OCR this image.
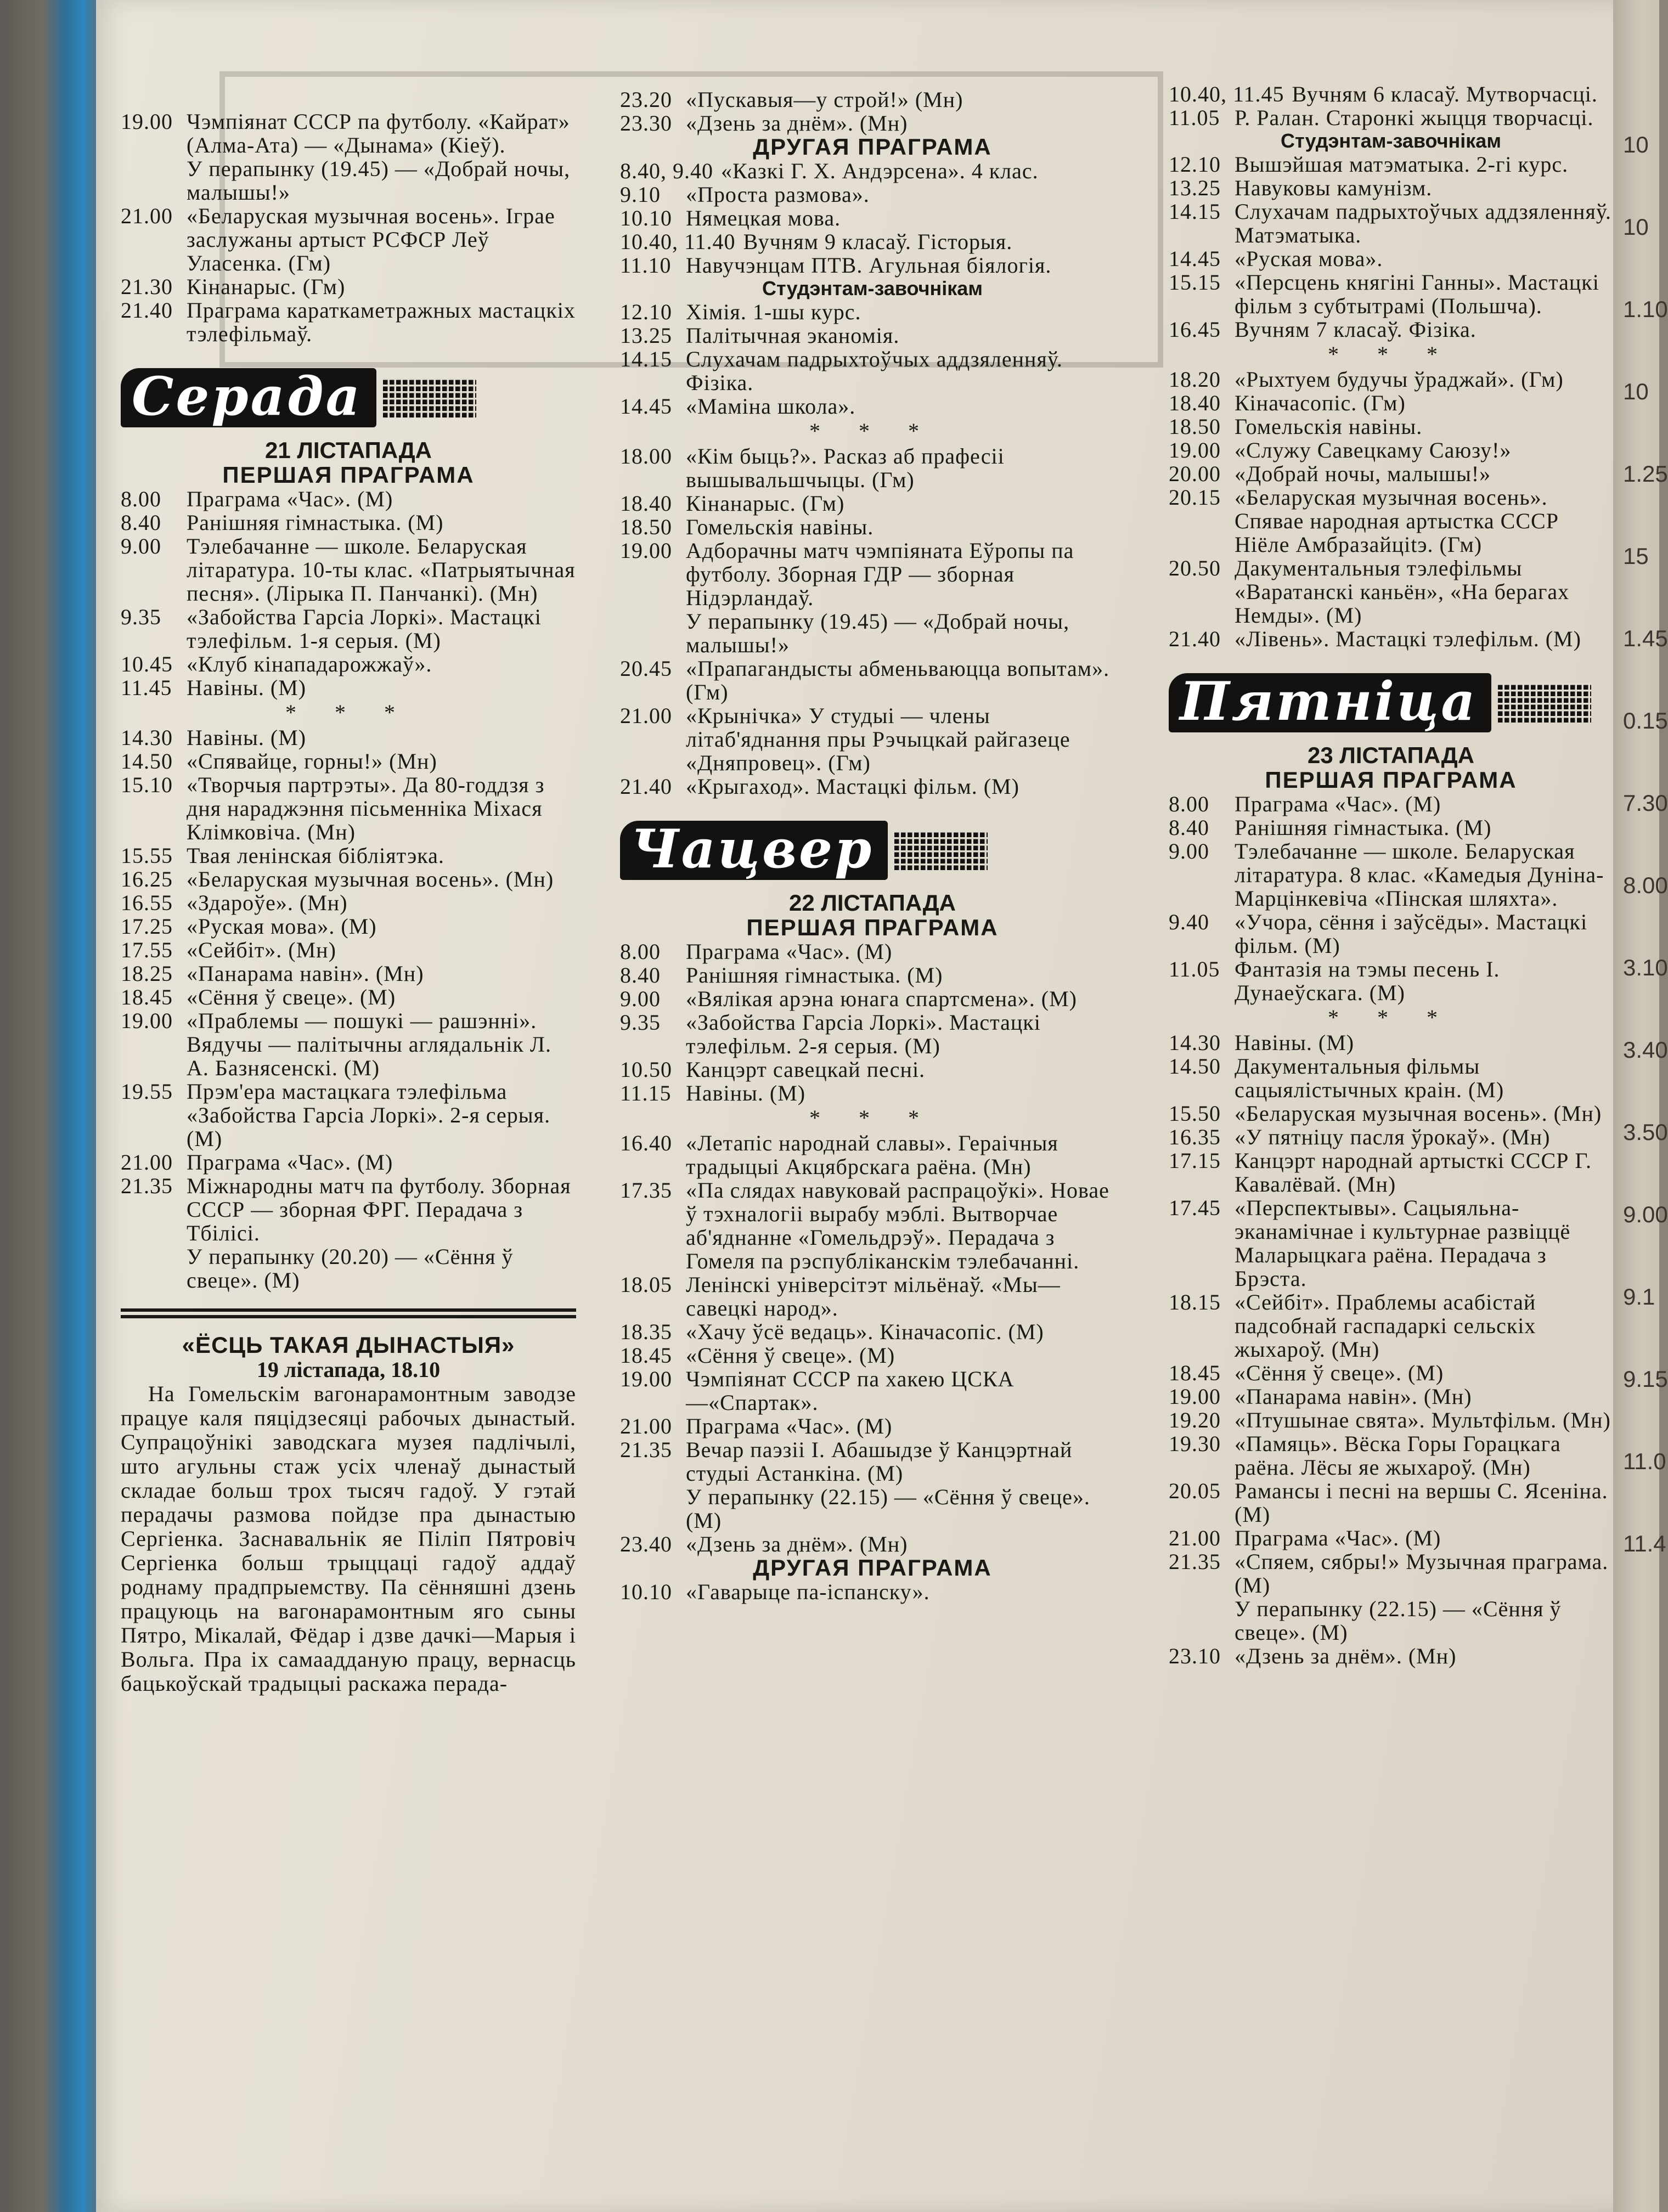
10
10
1.10
10
1.25
15
1.45
0.15
7.30
8.00
3.10
3.40
3.50
9.00
9.1
9.15
11.0
11.4
19.00 Чэмпіянат СССР па футболу. «Кайрат» (Алма-Ата) — «Дынама» (Кіеў).
У перапынку (19.45) — «Добрай ночы, малышы!»
21.00 «Беларуская музычная восень». Іграе заслужаны артыст РСФСР Леў Уласенка. (Гм)
21.30 Кінанарыс. (Гм)
21.40 Прагрaма караткаметражных мастацкіх тэлефільмаў.
Серада
21 ЛІСТАПАДА
ПЕРШАЯ ПРАГРАМА
8.00	Прагрaма «Час». (М)
8.40	Ранішняя гімнастыка. (М)
9.00	Тэлебачанне — школе. Беларуская літаратура. 10-ты клас. «Патрыятычная песня». (Лірыка П. Панчанкі). (Мн)
9.35	«Забойства Гарсіа Лоркі». Мастацкі тэлефільм. 1-я серыя. (М)
10.45 «Клуб кінападарожжаў».
11.45 Навіны. (М)
* * *
14.30 Навіны. (М)
14.50 «Спявайце, горны!» (Мн)
15.10 «Творчыя партрэты». Да 80-годдзя з дня нараджэння пісьменніка Міхася Клімковіча. (Мн)
15.55 Твая ленінская бібліятэка.
16.25 «Беларуская музычная восень». (Мн)
16.55 «Здароўе». (Мн)
17.25 «Руская мова». (М)
17.55 «Сейбіт». (Мн)
18.25 «Панарама навін». (Мн)
18.45 «Сёння ў свеце». (М)
19.00 «Праблемы — пошукі — рашэнні». Вядучы — палітычны аглядальнік Л. А. Базнясенскі. (М)
19.55 Прэм'ера мастацкага тэлефільма «Забойства Гарсіа Лоркі». 2-я серыя. (М)
21.00 Прагрaма «Час». (М)
21.35 Міжнародны матч па футболу. Зборная СССР — зборная ФРГ. Перадача з Тбілісі.
У перапынку (20.20) — «Сёння ў свеце». (М)
«ЁСЦЬ ТАКАЯ ДЫНАСТЫЯ»
19 лістапада, 18.10
На Гомельскім вагонарамонтным заводзе працуе каля пяцідзесяці рабочых дынастый. Супрацоўнікі заводскага музея падлічылі, што агульны стаж усіх членаў дынастый складае больш трох тысяч гадоў. У гэтай перадачы размова пойдзе пра дынастыю Сергіенка. Заснавальнік яе Піліп Пятровіч Сергіенка больш трыццаці гадоў аддаў роднаму прадпрыемству. Па сённяшні дзень працуюць на вагонарамонтным яго сыны Пятро, Мікалай, Фёдар і дзве дачкі—Марыя і Вольга. Пра іх самаадданую працу, вернасць бацькоўскай традыцыі раскажа перада-
23.20 «Пускавыя—у строй!» (Мн)
23.30 «Дзень за днём». (Мн)
ДРУГАЯ ПРАГРАМА
8.40, 9.40 «Казкі Г. Х. Андэрсена». 4 клас.
9.10	«Проста размова».
10.10 Нямецкая мова.
10.40, 11.40 Вучням 9 класаў. Гісторыя.
11.10 Навучэнцам ПТВ. Агульная біялогія.
Студэнтам-завочнікам
12.10 Хімія. 1-шы курс.
13.25 Палітычная эканомія.
14.15 Слухачам падрыхтоўчых аддзяленняў. Фізіка.
14.45 «Маміна школа».
* * *
18.00 «Кім быць?». Расказ аб прафесіі вышывальшчыцы. (Гм)
18.40 Кінанарыс. (Гм)
18.50 Гомельскія навіны.
19.00 Адборачны матч чэмпіяната Еўропы па футболу. Зборная ГДР — зборная Нідэрландаў.
У перапынку (19.45) — «Добрай ночы, малышы!»
20.45 «Прапагандысты абменьваюцца вопытам». (Гм)
21.00 «Крынічка» У студыі — члены літаб'яднання пры Рэчыцкай райгазеце «Дняпровец». (Гм)
21.40 «Крыгаход». Мастацкі фільм. (М)
Чацвер
22 ЛІСТАПАДА
ПЕРШАЯ ПРАГРАМА
8.00	Прагрaма «Час». (М)
8.40	Ранішняя гімнастыка. (М)
9.00	«Вялікая арэна юнага спартсмена». (М)
9.35	«Забойства Гарсіа Лоркі». Мастацкі тэлефільм. 2-я серыя. (М)
10.50 Канцэрт савецкай песні.
11.15 Навіны. (М)
* * *
16.40 «Летапіс народнай славы». Гераічныя традыцыі Акцябрскага раёна. (Мн)
17.35 «Па слядах навуковай распрацоўкі». Новае ў тэхналогіі вырабу мэблі. Вытворчае аб'яднанне «Гомельдрэў». Перадача з Гомеля па рэспубліканскім тэлебачанні.
18.05 Ленінскі універсітэт мільёнаў. «Мы—савецкі народ».
18.35 «Хачу ўсё ведаць». Кіначасопіс. (М)
18.45 «Сёння ў свеце». (М)
19.00 Чэмпіянат СССР па хакею ЦСКА—«Спартак».
21.00 Прагрaма «Час». (М)
21.35 Вечар паэзіі І. Абашыдзе ў Канцэртнай студыі Астанкіна. (М)
У перапынку (22.15) — «Сёння ў свеце». (М)
23.40 «Дзень за днём». (Мн)
ДРУГАЯ ПРАГРАМА
10.10 «Гаварыце па-іспанску».
10.40, 11.45 Вучням 6 класаў. Мутворчасці.
11.05 Р. Ралан. Старонкі жыцця творчасці.
Студэнтам-завочнікам
12.10 Вышэйшая матэматыка. 2-гі курс.
13.25 Навуковы камунізм.
14.15 Слухачам падрыхтоўчых аддзяленняў. Матэматыка.
14.45 «Руская мова».
15.15 «Персцень княгіні Ганны». Мастацкі фільм з субтытрамі (Польшча).
16.45 Вучням 7 класаў. Фізіка.
* * *
18.20 «Рыхтуем будучы ўраджай». (Гм)
18.40 Кіначасопіс. (Гм)
18.50 Гомельскія навіны.
19.00 «Служу Савецкаму Саюзу!»
20.00 «Добрай ночы, малышы!»
20.15 «Беларуская музычная восень». Спявае народная артыстка СССР Ніёле Амбразайціtэ. (Гм)
20.50 Дакументальныя тэлефільмы «Варатанскі каньён», «На берагах Немды». (М)
21.40 «Лівень». Мастацкі тэлефільм. (М)
Пятніца
23 ЛІСТАПАДА
ПЕРШАЯ ПРАГРАМА
8.00	Прагрaма «Час». (М)
8.40	Ранішняя гімнастыка. (М)
9.00	Тэлебачанне — школе. Беларуская літаратура. 8 клас. «Камедыя Дуніна-Марцінкевіча «Пінская шляхта».
9.40	«Учора, сёння і заўсёды». Мастацкі фільм. (М)
11.05 Фантазія на тэмы песень І. Дунаеўскага. (М)
* * *
14.30 Навіны. (М)
14.50 Дакументальныя фільмы сацыялістычных краін. (М)
15.50 «Беларуская музычная восень». (Мн)
16.35 «У пятніцу пасля ўрокаў». (Мн)
17.15 Канцэрт народнай артысткі СССР Г. Кавалёвай. (Мн)
17.45 «Перспектывы». Сацыяльна-эканамічнае і культурнае развіццё Маларыцкага раёна. Перадача з Брэста.
18.15 «Сейбіт». Праблемы асабістай падсобнай гаспадаркі сельскіх жыхароў. (Мн)
18.45 «Сёння ў свеце». (М)
19.00 «Панарама навін». (Мн)
19.20 «Птушынае свята». Мультфільм. (Мн)
19.30 «Памяць». Вёска Горы Горацкага раёна. Лёсы яе жыхароў. (Мн)
20.05 Рамансы і песні на вершы С. Ясеніна. (М)
21.00 Прагрaма «Час». (М)
21.35 «Спяем, сябры!» Музычная праграма. (М)
У перапынку (22.15) — «Сёння ў свеце». (М)
23.10 «Дзень за днём». (Мн)
